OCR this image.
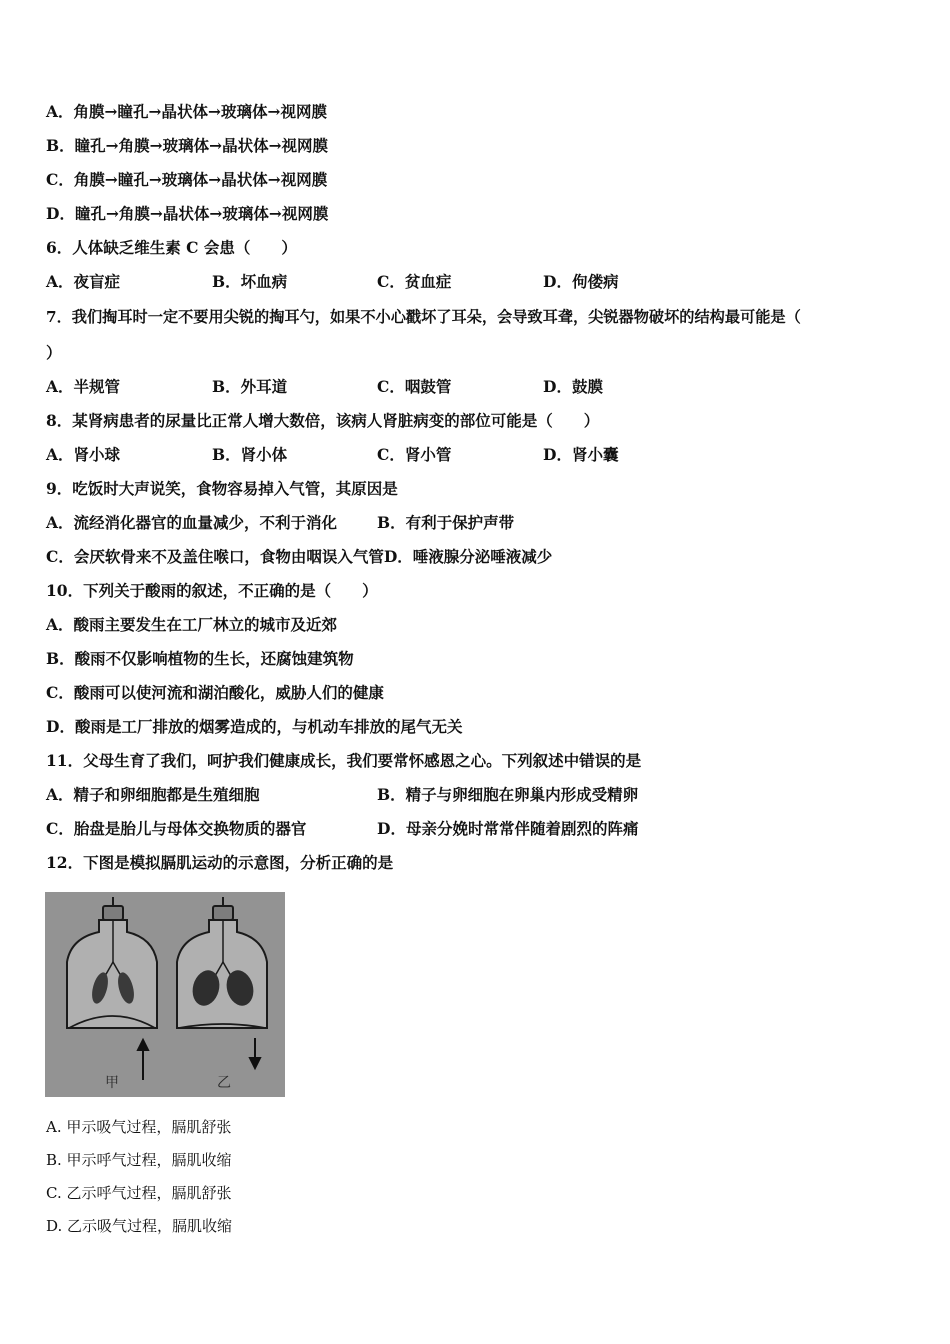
A．角膜→瞳孔→晶状体→玻璃体→视网膜
B．瞳孔→角膜→玻璃体→晶状体→视网膜
C．角膜→瞳孔→玻璃体→晶状体→视网膜
D．瞳孔→角膜→晶状体→玻璃体→视网膜
6．人体缺乏维生素 C 会患（　　）
A．夜盲症	B．坏血病	C．贫血症	D．佝偻病
7．我们掏耳时一定不要用尖锐的掏耳勺，如果不小心戳坏了耳朵，会导致耳聋，尖锐器物破坏的结构最可能是（
）
A．半规管	B．外耳道	C．咽鼓管	D．鼓膜
8．某肾病患者的尿量比正常人增大数倍，该病人肾脏病变的部位可能是（　　）
A．肾小球	B．肾小体	C．肾小管	D．肾小囊
9．吃饭时大声说笑，食物容易掉入气管，其原因是
A．流经消化器官的血量减少，不利于消化	B．有利于保护声带
C．会厌软骨来不及盖住喉口，食物由咽误入气管D．唾液腺分泌唾液减少
10．下列关于酸雨的叙述，不正确的是（　　）
A．酸雨主要发生在工厂林立的城市及近郊
B．酸雨不仅影响植物的生长，还腐蚀建筑物
C．酸雨可以使河流和湖泊酸化，威胁人们的健康
D．酸雨是工厂排放的烟雾造成的，与机动车排放的尾气无关
11．父母生育了我们，呵护我们健康成长，我们要常怀感恩之心。下列叙述中错误的是
A．精子和卵细胞都是生殖细胞	B．精子与卵细胞在卵巢内形成受精卵
C．胎盘是胎儿与母体交换物质的器官	D．母亲分娩时常常伴随着剧烈的阵痛
12．下图是模拟膈肌运动的示意图，分析正确的是
甲	乙
A. 甲示吸气过程，膈肌舒张
B. 甲示呼气过程，膈肌收缩
C. 乙示呼气过程，膈肌舒张
D. 乙示吸气过程，膈肌收缩
